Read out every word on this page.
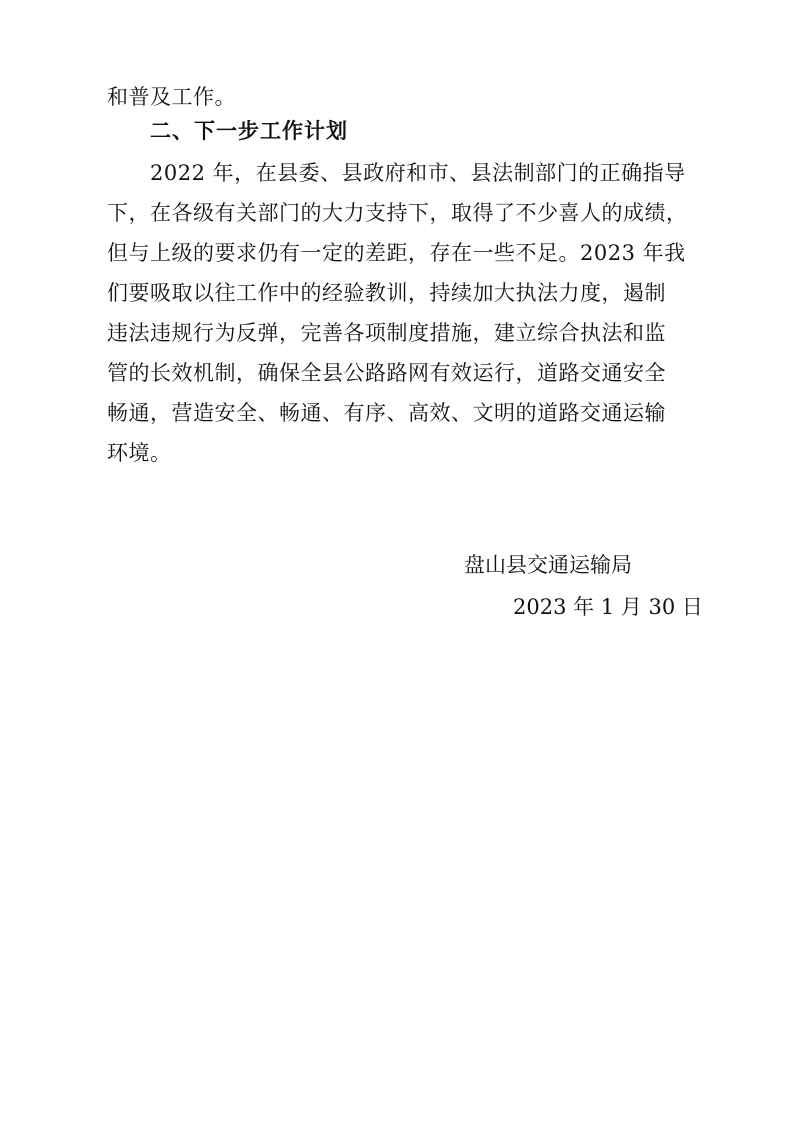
和普及工作。
二、下一步工作计划
2022 年，在县委、县政府和市、县法制部门的正确指导
下，在各级有关部门的大力支持下，取得了不少喜人的成绩，
但与上级的要求仍有一定的差距，存在一些不足。2023 年我
们要吸取以往工作中的经验教训，持续加大执法力度，遏制
违法违规行为反弹，完善各项制度措施，建立综合执法和监
管的长效机制，确保全县公路路网有效运行，道路交通安全
畅通，营造安全、畅通、有序、高效、文明的道路交通运输
环境。
盘山县交通运输局
2023 年 1 月 30 日
